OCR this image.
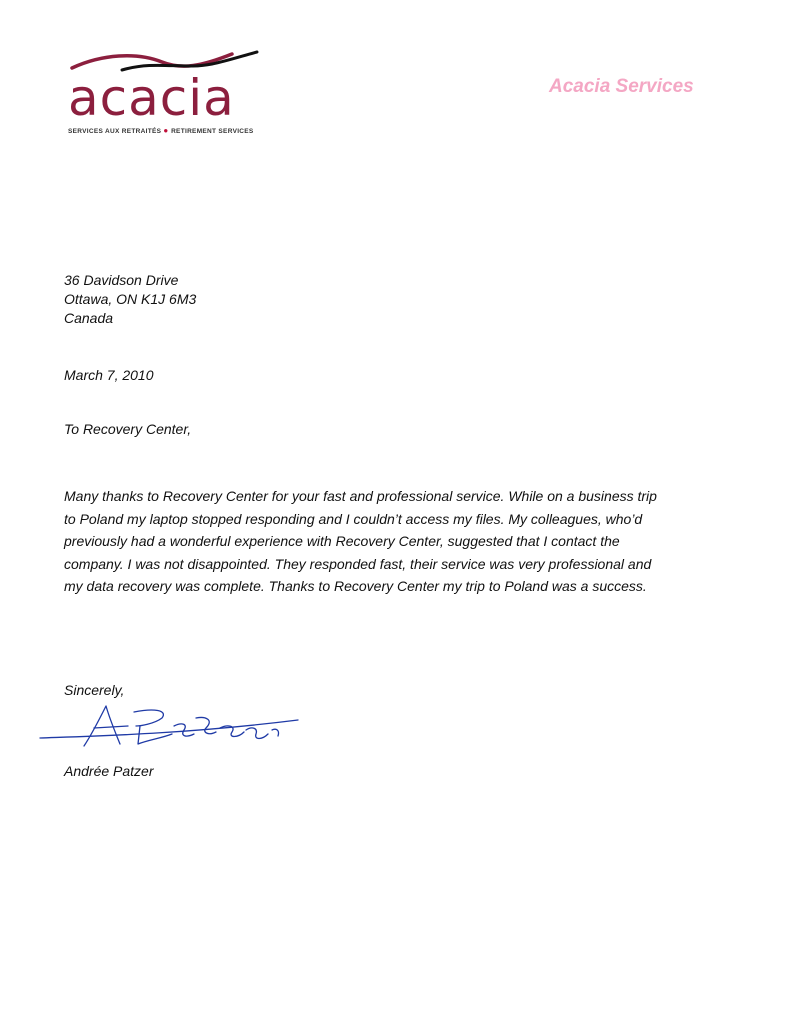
acacia
SERVICES AUX RETRAITÉS ● RETIREMENT SERVICES
Acacia Services
36 Davidson Drive
Ottawa, ON K1J 6M3
Canada
March 7, 2010
To Recovery Center,
Many thanks to Recovery Center for your fast and professional service. While on a business trip
to Poland my laptop stopped responding and I couldn’t access my files. My colleagues, who’d
previously had a wonderful experience with Recovery Center, suggested that I contact the
company. I was not disappointed. They responded fast, their service was very professional and
my data recovery was complete. Thanks to Recovery Center my trip to Poland was a success.
Sincerely,
Andrée Patzer
